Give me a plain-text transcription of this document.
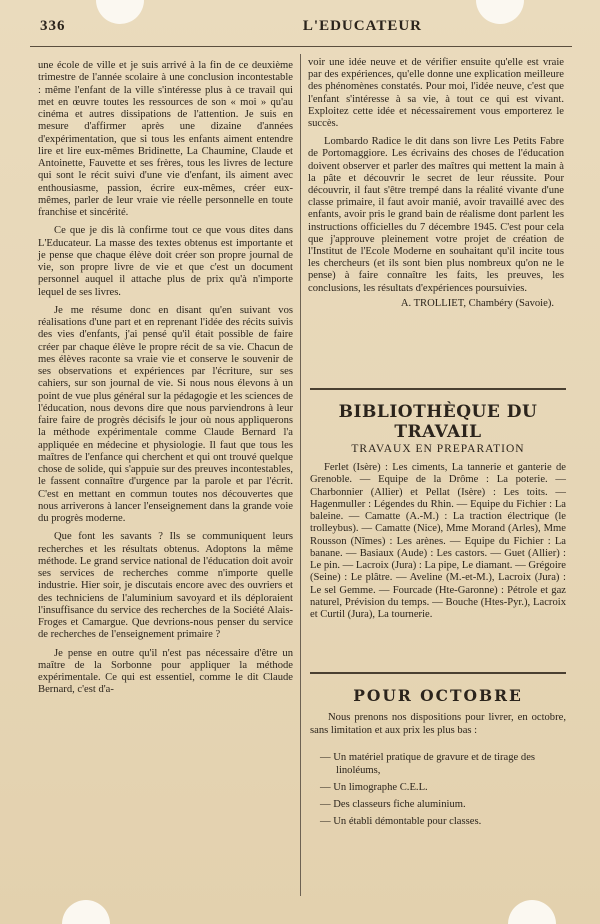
336	L'EDUCATEUR

une école de ville et je suis arrivé à la fin de ce deuxième trimestre de l'année scolaire à une conclusion incontestable : même l'enfant de la ville s'intéresse plus à ce travail qui met en œuvre toutes les ressources de son « moi » qu'au cinéma et autres dissipations de l'attention. Je suis en mesure d'affirmer après une dizaine d'années d'expérimentation, que si tous les enfants aiment entendre lire et lire eux-mêmes Bridinette, La Chaumine, Claude et Antoinette, Fauvette et ses frères, tous les livres de lecture qui sont le récit suivi d'une vie d'enfant, ils aiment avec enthousiasme, passion, écrire eux-mêmes, créer eux-mêmes, parler de leur vraie vie réelle personnelle en toute franchise et sincérité.

Ce que je dis là confirme tout ce que vous dites dans L'Educateur. La masse des textes obtenus est importante et je pense que chaque élève doit créer son propre journal de vie, son propre livre de vie et que c'est un document personnel auquel il attache plus de prix qu'à n'importe lequel de ses livres.

Je me résume donc en disant qu'en suivant vos réalisations d'une part et en reprenant l'idée des récits suivis des vies d'enfants, j'ai pensé qu'il était possible de faire créer par chaque élève le propre récit de sa vie. Chacun de mes élèves raconte sa vraie vie et conserve le souvenir de ses observations et expériences par l'écriture, sur ses cahiers, sur son journal de vie. Si nous nous élevons à un point de vue plus général sur la pédagogie et les sciences de l'éducation, nous devons dire que nous parviendrons à leur faire faire de progrès décisifs le jour où nous appliquerons la méthode expérimentale comme Claude Bernard l'a appliquée en médecine et physiologie. Il faut que tous les maîtres de l'enfance qui cherchent et qui ont trouvé quelque chose de solide, qui s'appuie sur des preuves incontestables, le fassent connaître d'urgence par la parole et par l'écrit. C'est en mettant en commun toutes nos découvertes que nous arriverons à lancer l'enseignement dans la grande voie du progrès moderne.

Que font les savants ? Ils se communiquent leurs recherches et les résultats obtenus. Adoptons la même méthode. Le grand service national de l'éducation doit avoir ses services de recherches comme n'importe quelle industrie. Hier soir, je discutais encore avec des ouvriers et des techniciens de l'aluminium savoyard et ils déploraient l'insuffisance du service des recherches de la Société Alais-Froges et Camargue. Que devrions-nous penser du service de recherches de l'enseignement primaire ?

Je pense en outre qu'il n'est pas nécessaire d'être un maître de la Sorbonne pour appliquer la méthode expérimentale. Ce qui est essentiel, comme le dit Claude Bernard, c'est d'a-

voir une idée neuve et de vérifier ensuite qu'elle est vraie par des expériences, qu'elle donne une explication meilleure des phénomènes constatés. Pour moi, l'idée neuve, c'est que l'enfant s'intéresse à sa vie, à tout ce qui est vivant. Exploitez cette idée et nécessairement vous emporterez le succès.

Lombardo Radice le dit dans son livre Les Petits Fabre de Portomaggiore. Les écrivains des choses de l'éducation doivent observer et parler des maîtres qui mettent la main à la pâte et découvrir le secret de leur réussite. Pour découvrir, il faut s'être trempé dans la réalité vivante d'une classe primaire, il faut avoir manié, avoir travaillé avec des enfants, avoir pris le grand bain de réalisme dont parlent les instructions officielles du 7 décembre 1945. C'est pour cela que j'approuve pleinement votre projet de création de l'Institut de l'Ecole Moderne en souhaitant qu'il incite tous les chercheurs (et ils sont bien plus nombreux qu'on ne le pense) à faire connaître les faits, les preuves, les conclusions, les résultats d'expériences poursuivies.

A. TROLLIET, Chambéry (Savoie).
BIBLIOTHÈQUE DU TRAVAIL
TRAVAUX EN PREPARATION

Ferlet (Isère) : Les ciments, La tannerie et ganterie de Grenoble. — Equipe de la Drôme : La poterie. — Charbonnier (Allier) et Pellat (Isère) : Les toits. — Hagenmuller : Légendes du Rhin. — Equipe du Fichier : La baleine. — Camatte (A.-M.) : La traction électrique (le trolleybus). — Camatte (Nice), Mme Morand (Arles), Mme Rousson (Nîmes) : Les arènes. — Equipe du Fichier : La banane. — Basiaux (Aude) : Les castors. — Guet (Allier) : Le pin. — Lacroix (Jura) : La pipe, Le diamant. — Grégoire (Seine) : Le plâtre. — Aveline (M.-et-M.), Lacroix (Jura) : Le sel Gemme. — Fourcade (Hte-Garonne) : Pétrole et gaz naturel, Prévision du temps. — Bouche (Htes-Pyr.), Lacroix et Curtil (Jura), La tournerie.

POUR OCTOBRE

Nous prenons nos dispositions pour livrer, en octobre, sans limitation et aux prix les plus bas :

— Un matériel pratique de gravure et de tirage des linoléums,
— Un limographe C.E.L.
— Des classeurs fiche aluminium.
— Un établi démontable pour classes.
